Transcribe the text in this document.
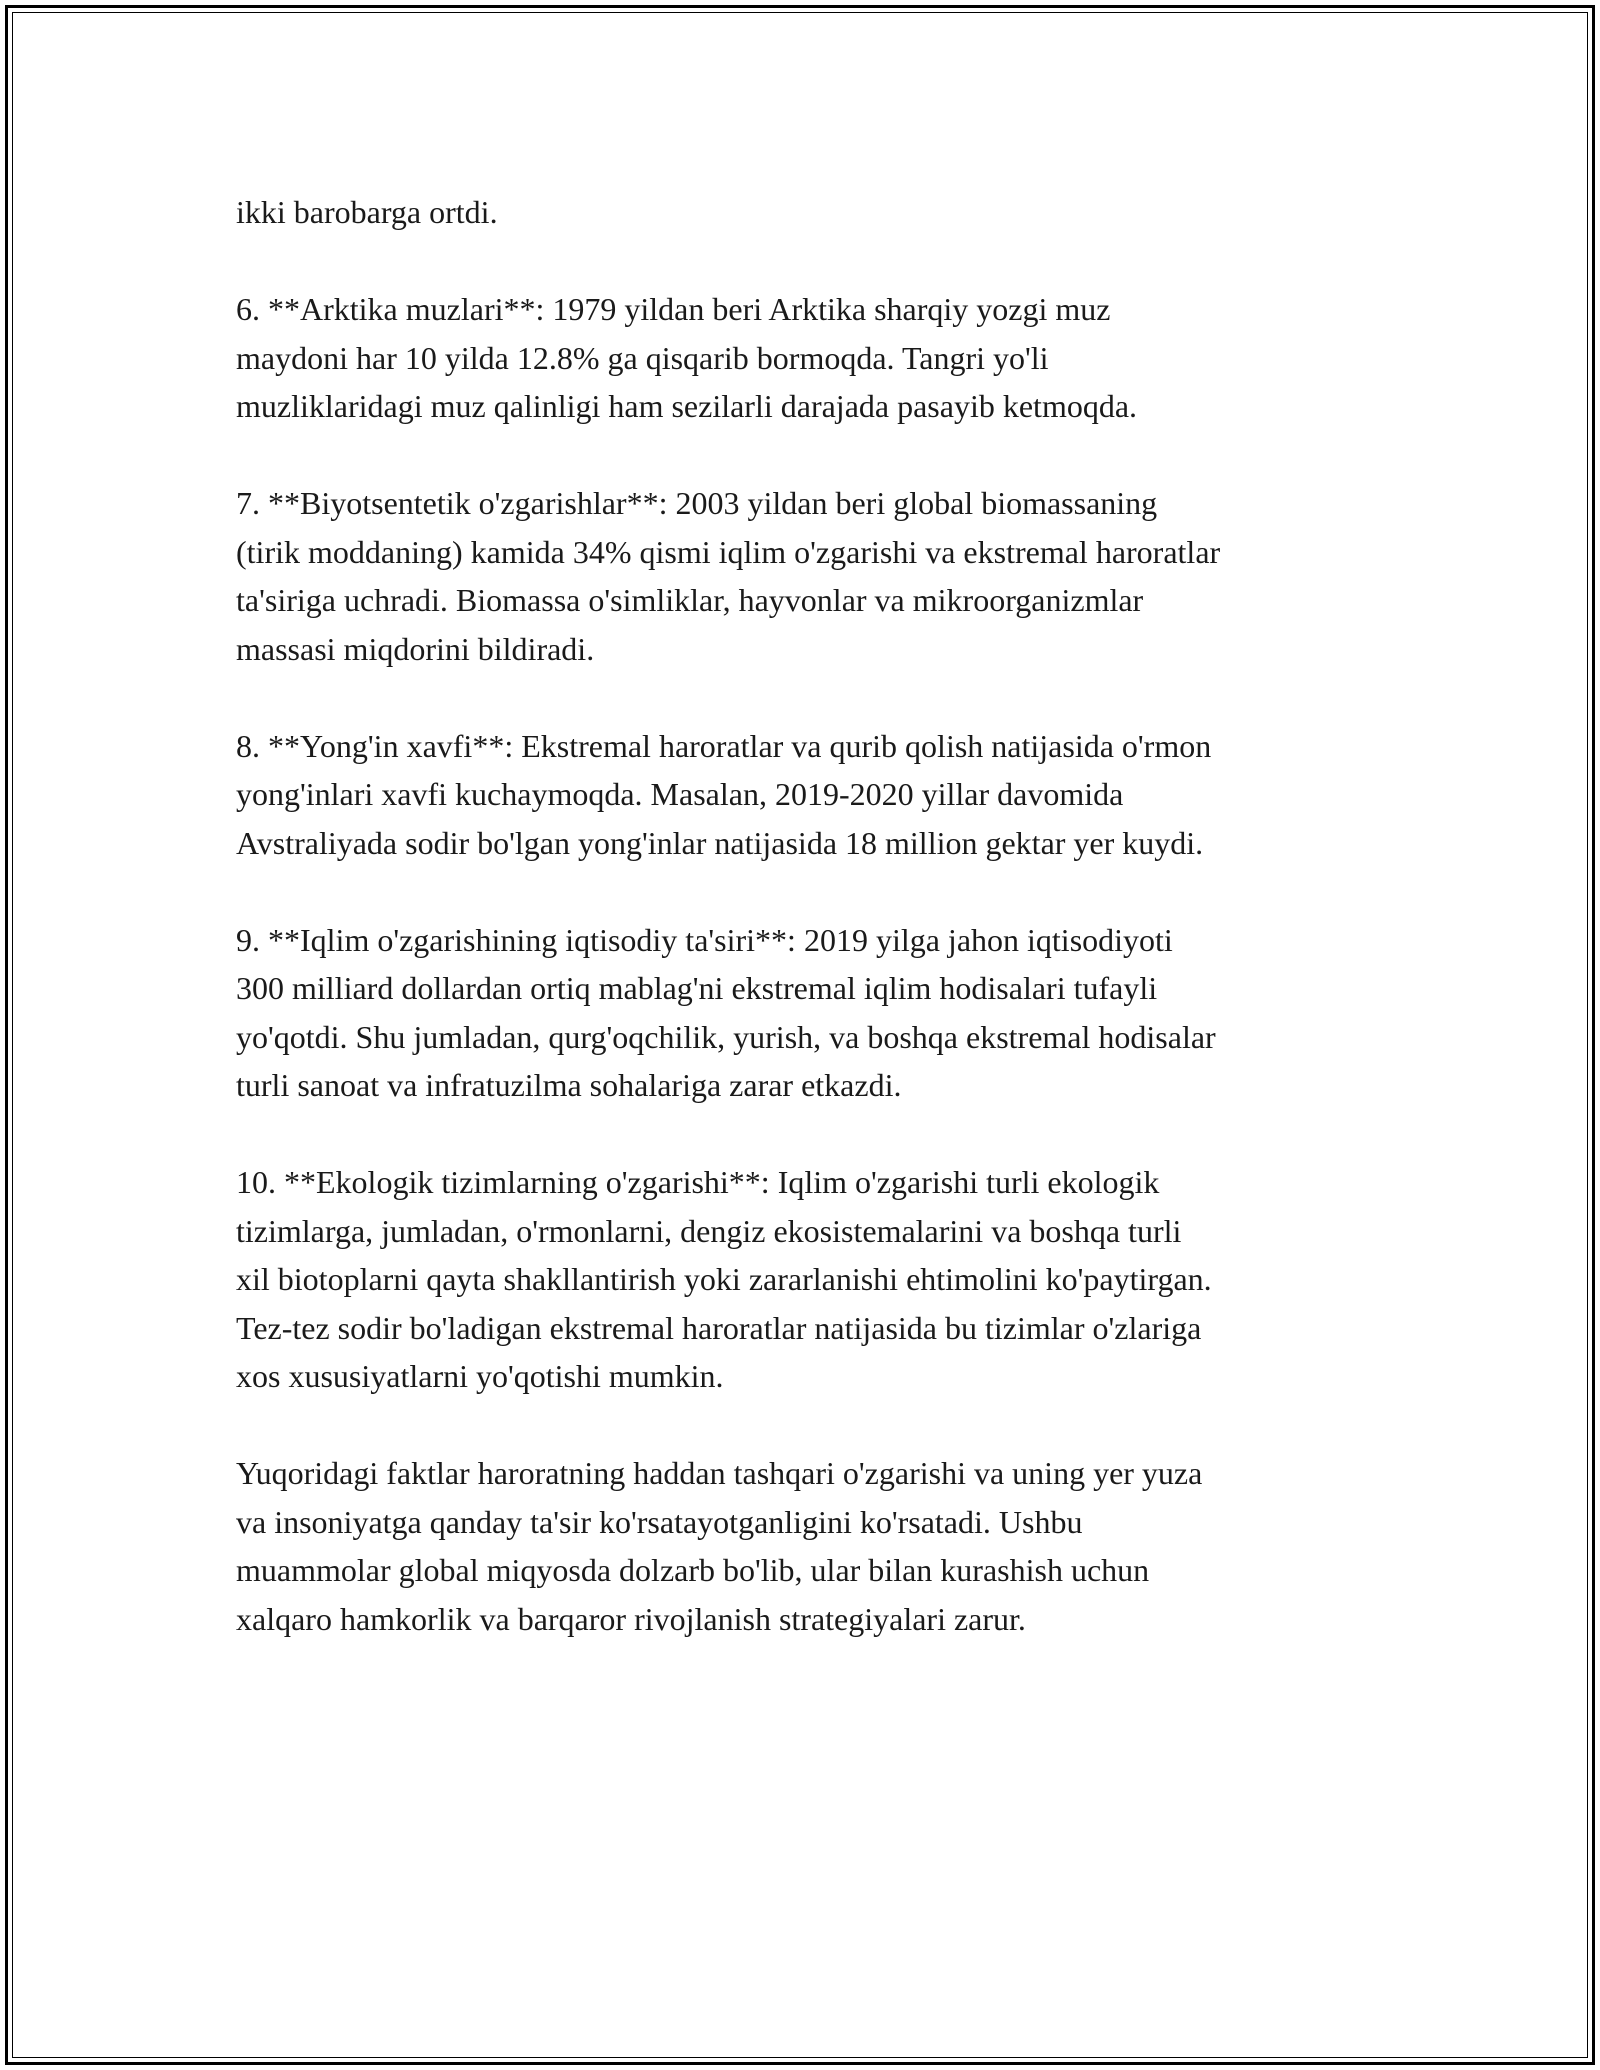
ikki barobarga ortdi.

6. **Arktika muzlari**: 1979 yildan beri Arktika sharqiy yozgi muz
maydoni har 10 yilda 12.8% ga qisqarib bormoqda. Tangri yo'li
muzliklaridagi muz qalinligi ham sezilarli darajada pasayib ketmoqda.

7. **Biyotsentetik o'zgarishlar**: 2003 yildan beri global biomassaning
(tirik moddaning) kamida 34% qismi iqlim o'zgarishi va ekstremal haroratlar
ta'siriga uchradi. Biomassa o'simliklar, hayvonlar va mikroorganizmlar
massasi miqdorini bildiradi.

8. **Yong'in xavfi**: Ekstremal haroratlar va qurib qolish natijasida o'rmon
yong'inlari xavfi kuchaymoqda. Masalan, 2019-2020 yillar davomida
Avstraliyada sodir bo'lgan yong'inlar natijasida 18 million gektar yer kuydi.

9. **Iqlim o'zgarishining iqtisodiy ta'siri**: 2019 yilga jahon iqtisodiyoti
300 milliard dollardan ortiq mablag'ni ekstremal iqlim hodisalari tufayli
yo'qotdi. Shu jumladan, qurg'oqchilik, yurish, va boshqa ekstremal hodisalar
turli sanoat va infratuzilma sohalariga zarar etkazdi.

10. **Ekologik tizimlarning o'zgarishi**: Iqlim o'zgarishi turli ekologik
tizimlarga, jumladan, o'rmonlarni, dengiz ekosistemalarini va boshqa turli
xil biotoplarni qayta shakllantirish yoki zararlanishi ehtimolini ko'paytirgan.
Tez-tez sodir bo'ladigan ekstremal haroratlar natijasida bu tizimlar o'zlariga
xos xususiyatlarni yo'qotishi mumkin.

Yuqoridagi faktlar haroratning haddan tashqari o'zgarishi va uning yer yuza
va insoniyatga qanday ta'sir ko'rsatayotganligini ko'rsatadi. Ushbu
muammolar global miqyosda dolzarb bo'lib, ular bilan kurashish uchun
xalqaro hamkorlik va barqaror rivojlanish strategiyalari zarur.
